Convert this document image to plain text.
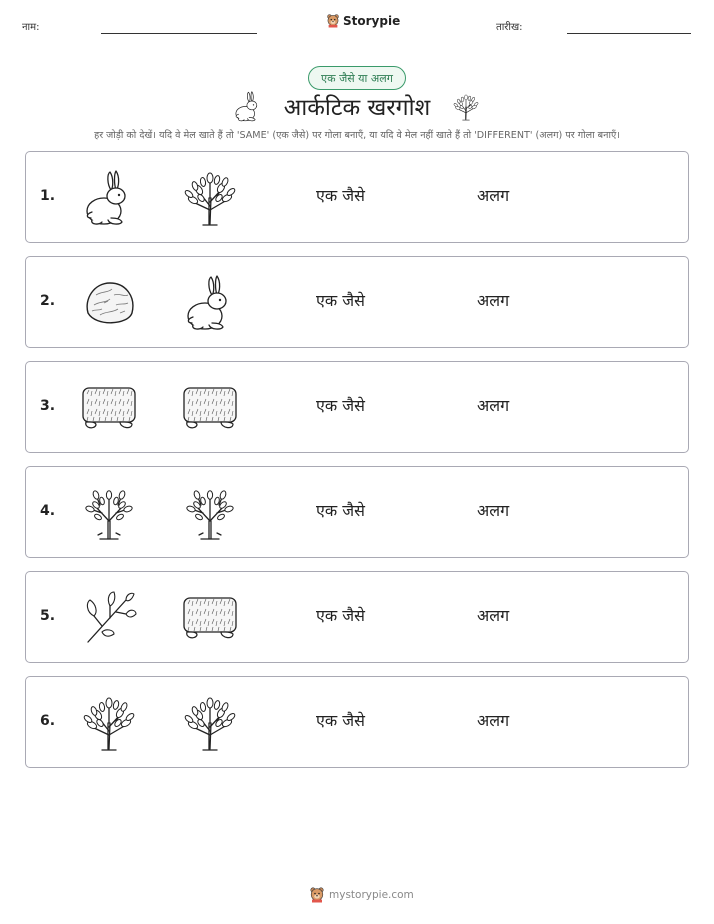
नाम:	Storypie	तारीख:
एक जैसे या अलग
आर्कटिक खरगोश
हर जोड़ी को देखें। यदि वे मेल खाते हैं तो 'SAME' (एक जैसे) पर गोला बनाएँ, या यदि वे मेल नहीं खाते हैं तो 'DIFFERENT' (अलग) पर गोला बनाएँ।
1.	एक जैसे	अलग
2.	एक जैसे	अलग
3.	एक जैसे	अलग
4.	एक जैसे	अलग
5.	एक जैसे	अलग
6.	एक जैसे	अलग
mystorypie.com
